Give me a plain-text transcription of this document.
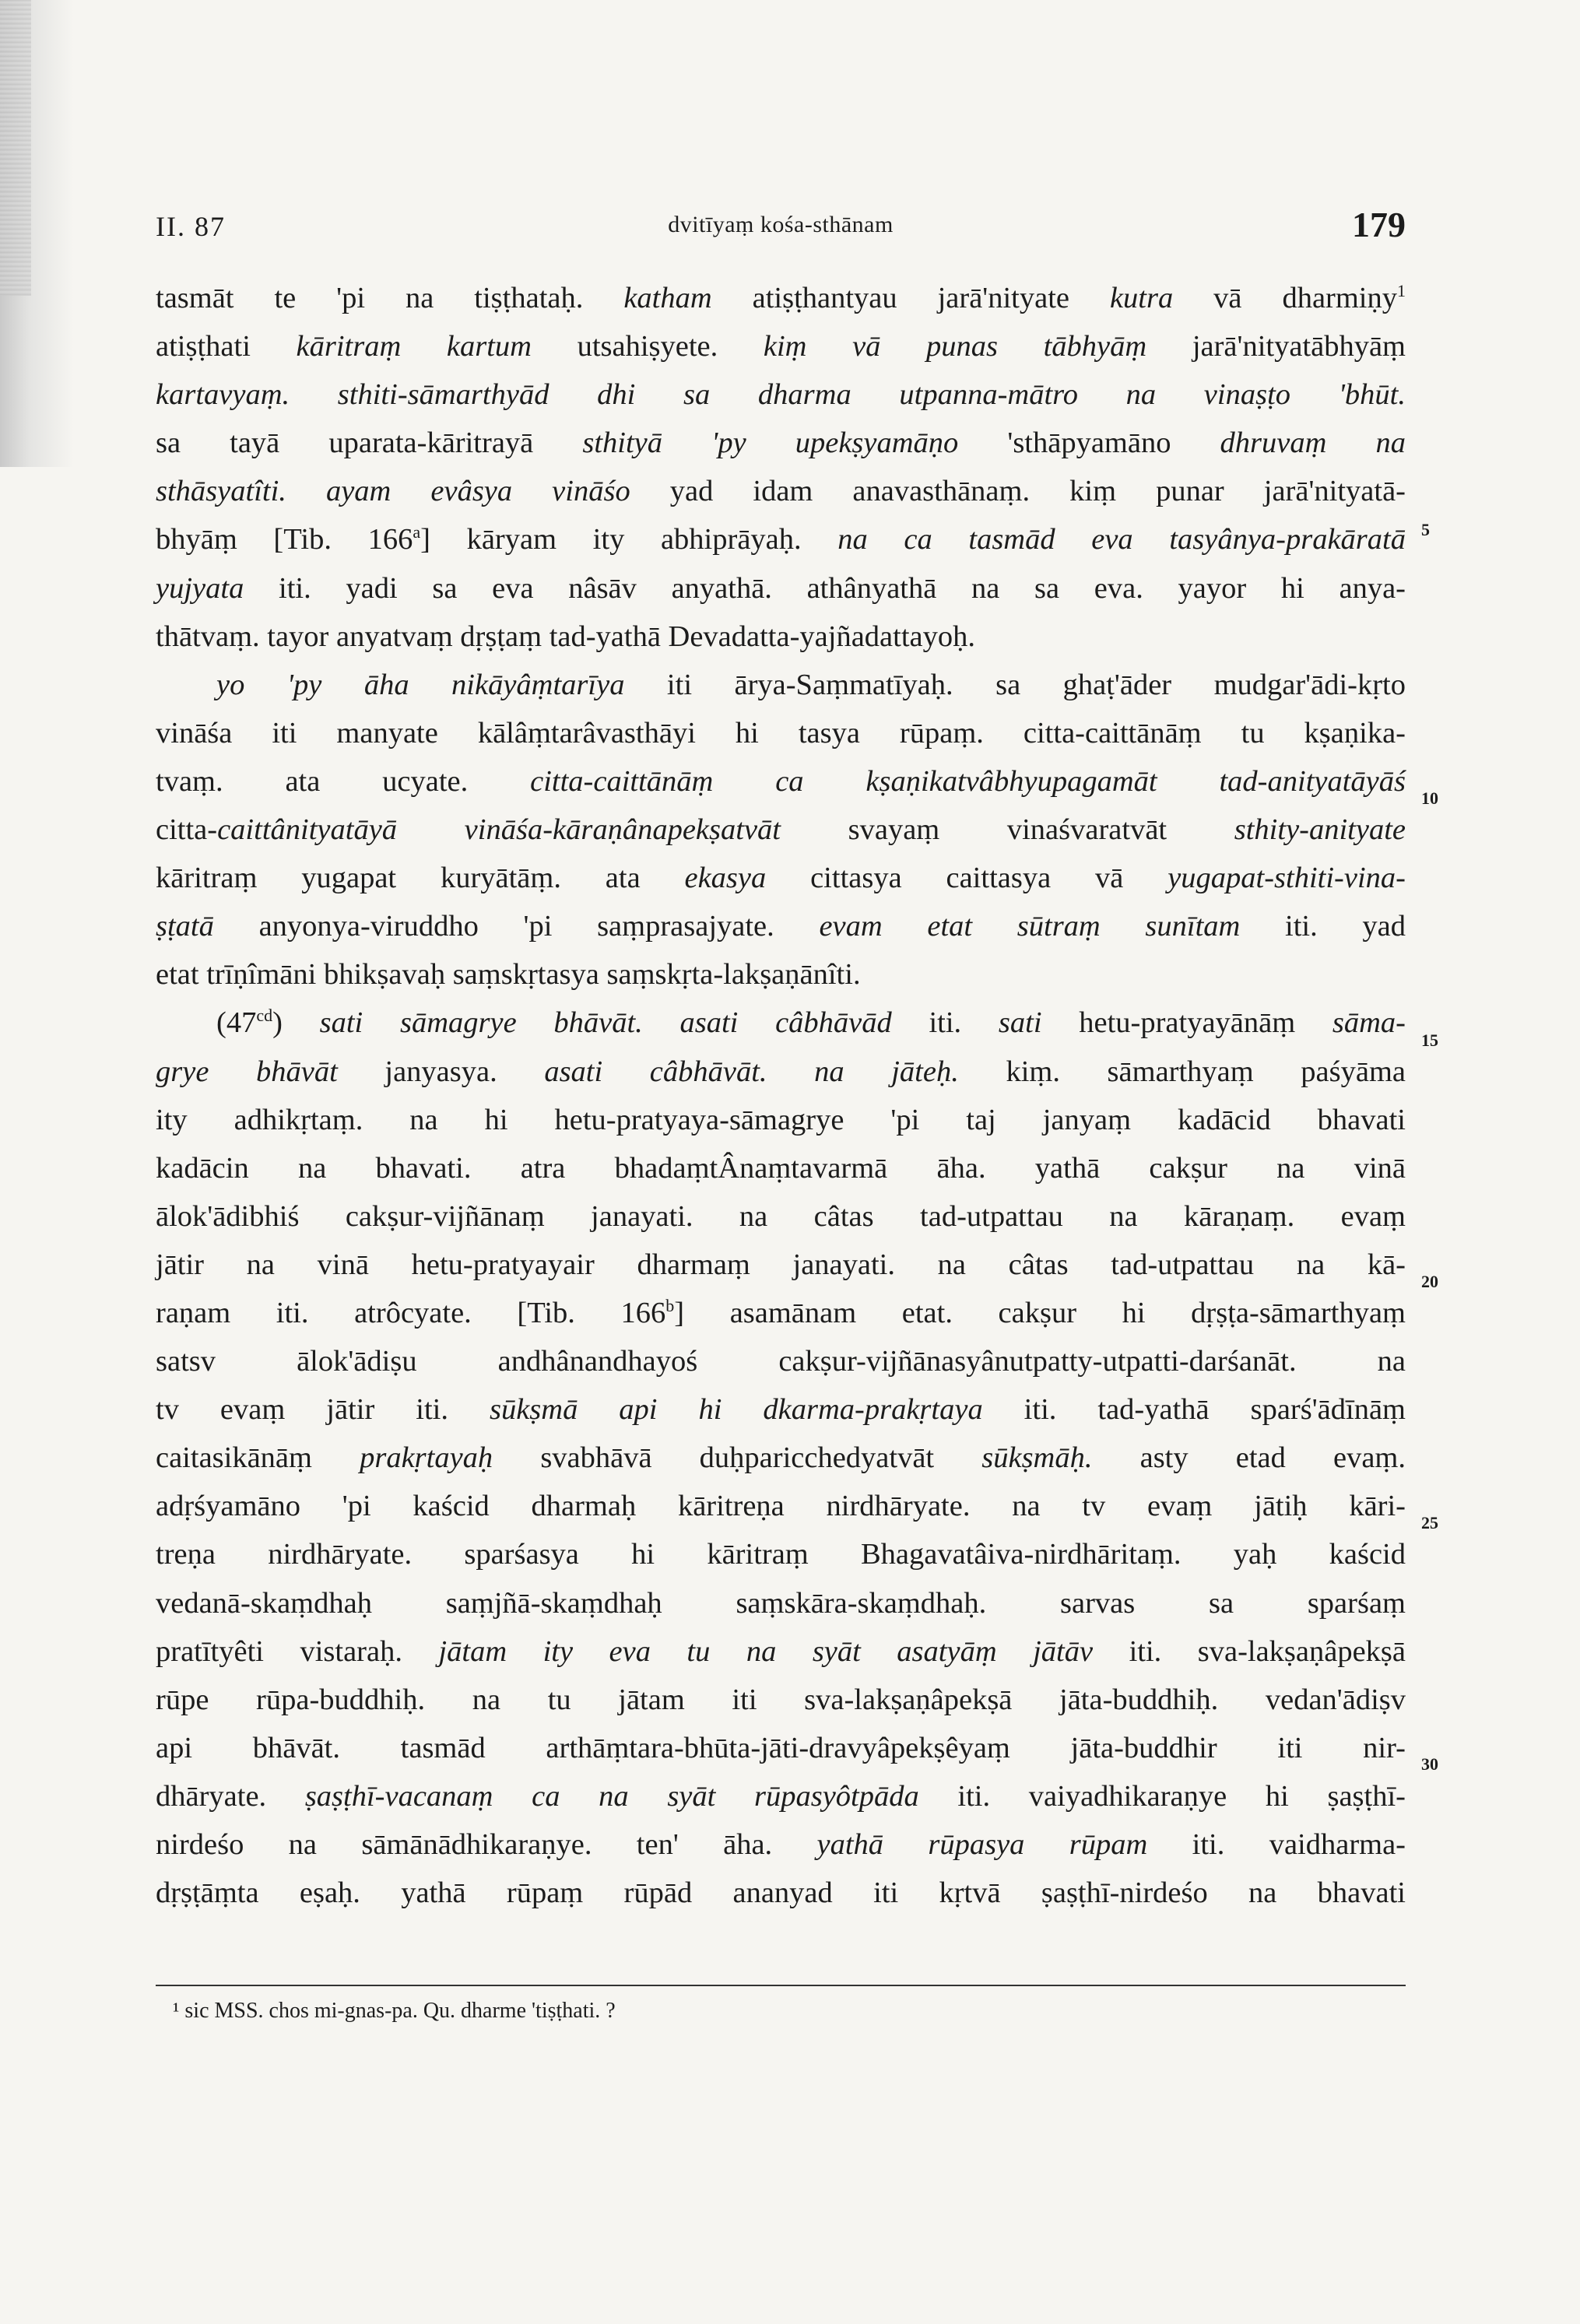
II. 87	dvitīyaṃ kośa-sthānam	179
tasmāt te 'pi na tiṣṭhataḥ. katham atiṣṭhantyau jarā'nityate kutra vā dharmiṇy$^1$
atiṣṭhati kāritraṃ kartum utsahiṣyete. kiṃ vā punas tābhyāṃ jarā'nityatābhyāṃ
kartavyaṃ. sthiti-sāmarthyād dhi sa dharma utpanna-mātro na vinaṣṭo 'bhūt.
sa tayā uparata-kāritrayā sthityā 'py upekṣyamāṇo 'sthāpyamāno dhruvaṃ na
sthāsyatîti. ayam evâsya vināśo yad idam anavasthānaṃ. kiṃ punar jarā'nityatā-
bhyāṃ [Tib. 166$^a$] kāryam ity abhiprāyaḥ. na ca tasmād eva tasyânya-prakāratā
yujyata iti. yadi sa eva nâsāv anyathā. athânyathā na sa eva. yayor hi anya-
thātvaṃ. tayor anyatvaṃ dṛṣṭaṃ tad-yathā Devadatta-yajñadattayoḥ.
yo 'py āha nikāyâṃtarīya iti ārya-Saṃmatīyaḥ. sa ghaṭ'āder mudgar'ādi-kṛto
vināśa iti manyate kālâṃtarâvasthāyi hi tasya rūpaṃ. citta-caittānāṃ tu kṣaṇika-
tvaṃ. ata ucyate. citta-caittānāṃ ca kṣaṇikatvâbhyupagamāt tad-anityatāyāś
citta-caittânityatāyā vināśa-kāraṇânapekṣatvāt svayaṃ vinaśvaratvāt sthity-anityate
kāritraṃ yugapat kuryātāṃ. ata ekasya cittasya caittasya vā yugapat-sthiti-vina-
ṣṭatā anyonya-viruddho 'pi saṃprasajyate. evam etat sūtraṃ sunītam iti. yad
etat trīṇîmāni bhikṣavaḥ saṃskṛtasya saṃskṛta-lakṣaṇānîti.
$(47^{cd})$ sati sāmagrye bhāvāt. asati câbhāvād iti. sati hetu-pratyayānāṃ sāma-
grye bhāvāt janyasya. asati câbhāvāt. na jāteḥ. kiṃ. sāmarthyaṃ paśyāma
ity adhikṛtaṃ. na hi hetu-pratyaya-sāmagrye 'pi taj janyaṃ kadācid bhavati
kadācin na bhavati. atra bhadaṃtÂnaṃtavarmā āha. yathā cakṣur na vinā
ālok'ādibhiś cakṣur-vijñānaṃ janayati. na câtas tad-utpattau na kāraṇaṃ. evaṃ
jātir na vinā hetu-pratyayair dharmaṃ janayati. na câtas tad-utpattau na kā-
raṇam iti. atrôcyate. [Tib. 166$^b$] asamānam etat. cakṣur hi dṛṣṭa-sāmarthyaṃ
satsv ālok'ādiṣu andhânandhayoś cakṣur-vijñānasyânutpatty-utpatti-darśanāt. na
tv evaṃ jātir iti. sūkṣmā api hi dkarma-prakṛtaya iti. tad-yathā sparś'ādīnāṃ
caitasikānāṃ prakṛtayaḥ svabhāvā duḥparicchedyatvāt sūkṣmāḥ. asty etad evaṃ.
adṛśyamāno 'pi kaścid dharmaḥ kāritreṇa nirdhāryate. na tv evaṃ jātiḥ kāri-
treṇa nirdhāryate. sparśasya hi kāritraṃ Bhagavatâiva-nirdhāritaṃ. yaḥ kaścid
vedanā-skaṃdhaḥ saṃjñā-skaṃdhaḥ saṃskāra-skaṃdhaḥ. sarvas sa sparśaṃ
pratītyêti vistaraḥ. jātam ity eva tu na syāt asatyāṃ jātāv iti. sva-lakṣaṇâpekṣā
rūpe rūpa-buddhiḥ. na tu jātam iti sva-lakṣaṇâpekṣā jāta-buddhiḥ. vedan'ādiṣv
api bhāvāt. tasmād arthāṃtara-bhūta-jāti-dravyâpekṣêyaṃ jāta-buddhir iti nir-
dhāryate. ṣaṣṭhī-vacanaṃ ca na syāt rūpasyôtpāda iti. vaiyadhikaraṇye hi ṣaṣṭhī-
nirdeśo na sāmānādhikaraṇye. ten' āha. yathā rūpasya rūpam iti. vaidharma-
dṛṣṭāṃta eṣaḥ. yathā rūpaṃ rūpād ananyad iti kṛtvā ṣaṣṭhī-nirdeśo na bhavati
5
10
15
20
25
30
¹ sic MSS. chos mi-gnas-pa. Qu. dharme 'tiṣṭhati. ?
